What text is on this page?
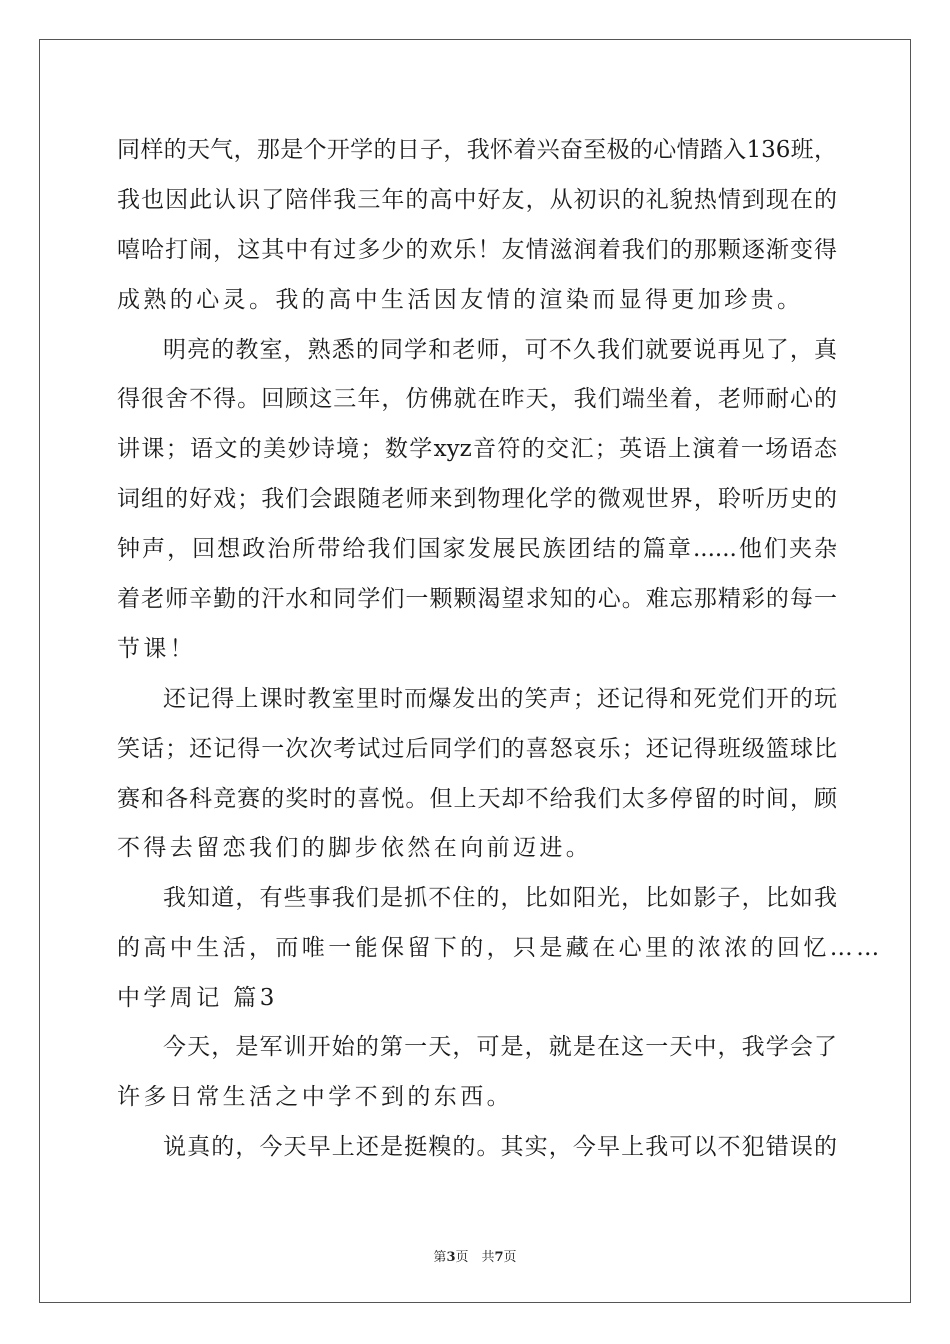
同样的天气，那是个开学的日子，我怀着兴奋至极的心情踏入136班，
我也因此认识了陪伴我三年的高中好友，从初识的礼貌热情到现在的
嘻哈打闹，这其中有过多少的欢乐！友情滋润着我们的那颗逐渐变得
成熟的心灵。我的高中生活因友情的渲染而显得更加珍贵。
明亮的教室，熟悉的同学和老师，可不久我们就要说再见了，真
得很舍不得。回顾这三年，仿佛就在昨天，我们端坐着，老师耐心的
讲课；语文的美妙诗境；数学xyz音符的交汇；英语上演着一场语态
词组的好戏；我们会跟随老师来到物理化学的微观世界，聆听历史的
钟声，回想政治所带给我们国家发展民族团结的篇章......他们夹杂
着老师辛勤的汗水和同学们一颗颗渴望求知的心。难忘那精彩的每一
节课！
还记得上课时教室里时而爆发出的笑声；还记得和死党们开的玩
笑话；还记得一次次考试过后同学们的喜怒哀乐；还记得班级篮球比
赛和各科竞赛的奖时的喜悦。但上天却不给我们太多停留的时间，顾
不得去留恋我们的脚步依然在向前迈进。
我知道，有些事我们是抓不住的，比如阳光，比如影子，比如我
的高中生活，而唯一能保留下的，只是藏在心里的浓浓的回忆……
中学周记 篇3
今天，是军训开始的第一天，可是，就是在这一天中，我学会了
许多日常生活之中学不到的东西。
说真的，今天早上还是挺糗的。其实，今早上我可以不犯错误的
第3页　共7页
